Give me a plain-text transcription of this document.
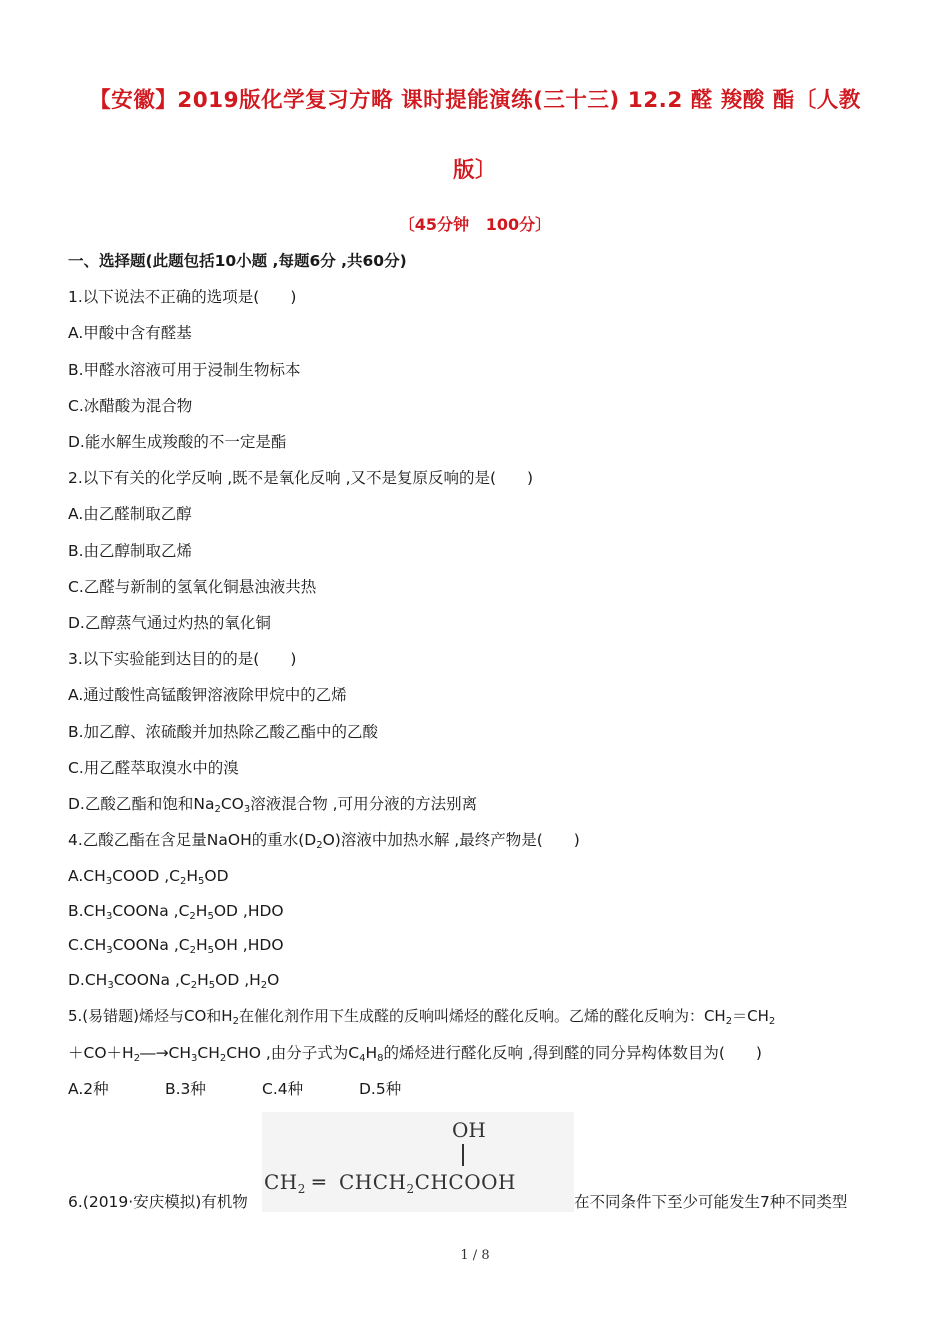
【安徽】2019版化学复习方略 课时提能演练(三十三) 12.2 醛 羧酸 酯〔人教
版〕
〔45分钟   100分〕
一、选择题(此题包括10小题 ,每题6分 ,共60分)
1.以下说法不正确的选项是(　　)
A.甲酸中含有醛基
B.甲醛水溶液可用于浸制生物标本
C.冰醋酸为混合物
D.能水解生成羧酸的不一定是酯
2.以下有关的化学反响 ,既不是氧化反响 ,又不是复原反响的是(　　)
A.由乙醛制取乙醇
B.由乙醇制取乙烯
C.乙醛与新制的氢氧化铜悬浊液共热
D.乙醇蒸气通过灼热的氧化铜
3.以下实验能到达目的的是(　　)
A.通过酸性高锰酸钾溶液除甲烷中的乙烯
B.加乙醇、浓硫酸并加热除乙酸乙酯中的乙酸
C.用乙醛萃取溴水中的溴
D.乙酸乙酯和饱和$Na_2CO_3$溶液混合物 ,可用分液的方法别离
4.乙酸乙酯在含足量NaOH的重水$(D_2O)$溶液中加热水解 ,最终产物是(　　)
$A.CH_3COOD$ $,C_2H_5OD$
$B.CH_3COONa$ $,C_2H_5OD$ ,HDO
$C.CH_3COONa$ $,C_2H_5OH$ ,HDO
$D.CH_3COONa$ $,C_2H_5OD$ $,H_2O$
5.(易错题)烯烃与CO和$H_2$在催化剂作用下生成醛的反响叫烯烃的醛化反响。乙烯的醛化反响为：$CH_2=CH_2$
$+CO+H_2―\to CH_3CH_2CHO$ ,由分子式为$C_4H_8$的烯烃进行醛化反响 ,得到醛的同分异构体数目为(　　)
A.2种	B.3种	C.4种	D.5种
OH
$CH_2$ ═  $CHCH_2CHCOOH$
6.(2019·安庆模拟)有机物	在不同条件下至少可能发生7种不同类型
1 / 8
